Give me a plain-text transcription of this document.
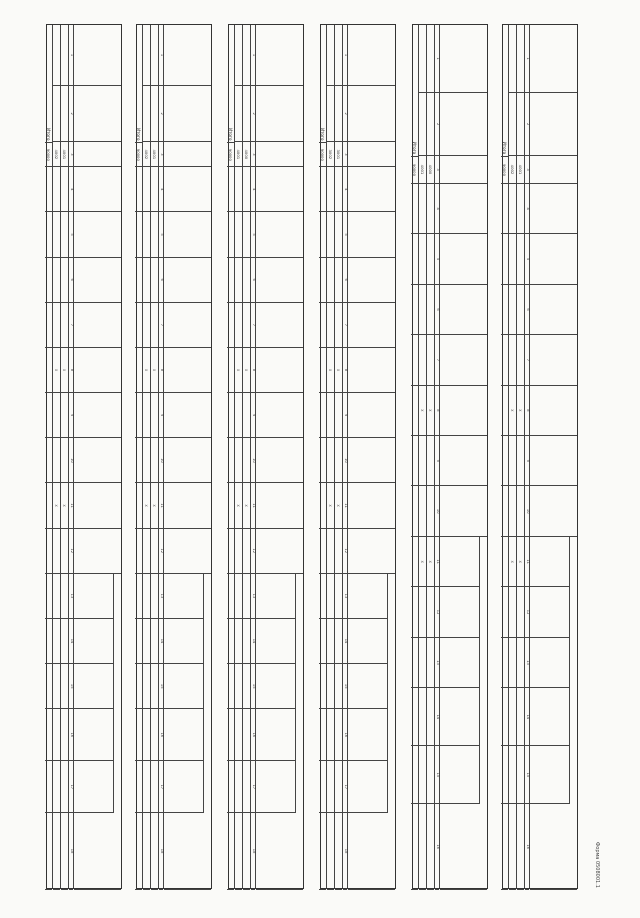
Форма 0508001.1
1
2
3
4
5
6
7
8
9
10
11
12
13
14
15
16
4001
x
x
4002
x
x
Итого
90000
1
2
3
4
5
6
7
8
9
10
11
12
13
14
15
16
4000
x
x
4001
x
x
Итого
90000
1
2
3
4
5
6
7
8
9
10
11
12
13
14
15
16
17
18
3001
x
x
3002
x
x
Итого
90000
1
2
3
4
5
6
7
8
9
10
11
12
13
14
15
16
17
18
4000
x
x
4001
x
x
Итого
90000
1
2
3
4
5
6
7
8
9
10
11
12
13
14
15
16
17
18
4001
x
x
4002
x
x
Итого
90000
1
2
3
4
5
6
7
8
9
10
11
12
13
14
15
16
17
18
4001
x
x
4002
x
x
Итого
90000
